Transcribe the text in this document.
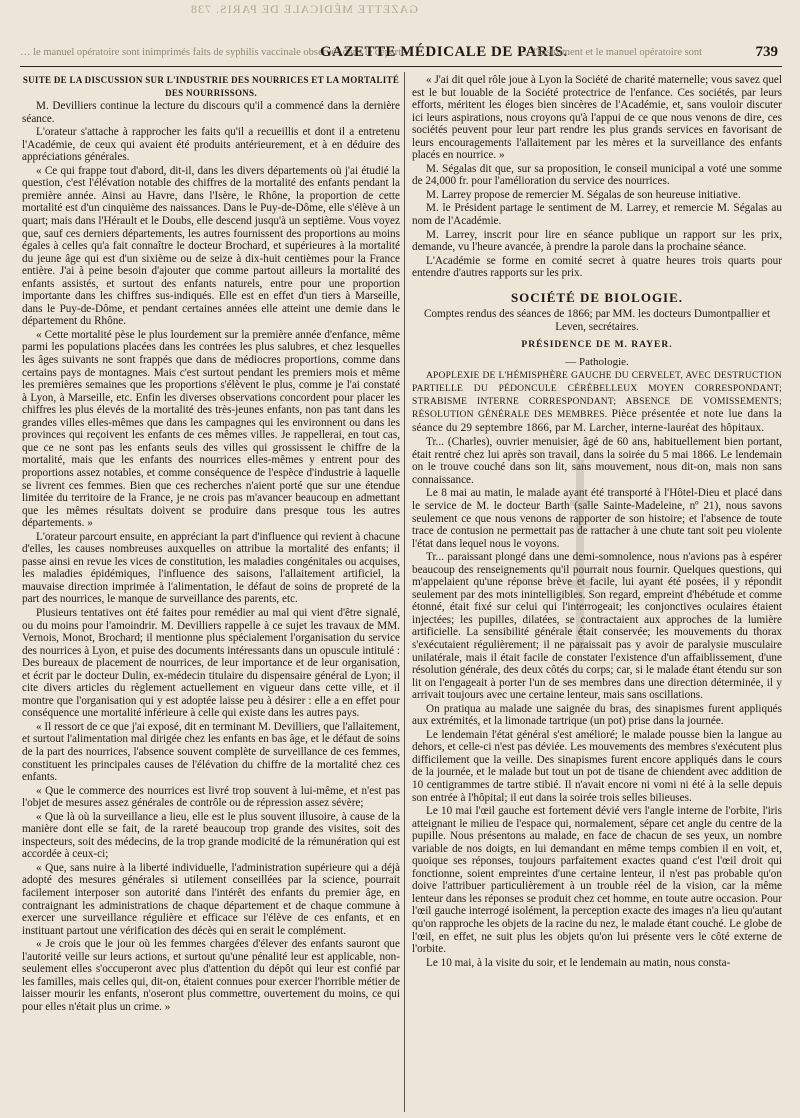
GAZETTE MÉDICALE DE PARIS. 738
… le manuel opératoire sont inimprimés faits de syphilis vaccinale observés dans le départe-
GAZETTE MÉDICALE DE PARIS.
… l'instrument et le manuel opératoire sont	739

SUITE DE LA DISCUSSION SUR L'INDUSTRIE DES NOURRICES ET LA MORTALITÉ DES NOURRISSONS.

M. Devilliers continue la lecture du discours qu'il a commencé dans la dernière séance.

L'orateur s'attache à rapprocher les faits qu'il a recueillis et dont il a entretenu l'Académie, de ceux qui avaient été produits antérieurement, et à en déduire des appréciations générales.

« Ce qui frappe tout d'abord, dit-il, dans les divers départements où j'ai étudié la question, c'est l'élévation notable des chiffres de la mortalité des enfants pendant la première année. Ainsi au Havre, dans l'Isère, le Rhône, la proportion de cette mortalité est d'un cinquième des naissances. Dans le Puy-de-Dôme, elle s'élève à un quart; mais dans l'Hérault et le Doubs, elle descend jusqu'à un septième. Vous voyez que, sauf ces derniers départements, les autres fournissent des proportions au moins égales à celles qu'a fait connaître le docteur Brochard, et supérieures à la mortalité du jeune âge qui est d'un sixième ou de seize à dix-huit centièmes pour la France entière. J'ai à peine besoin d'ajouter que comme partout ailleurs la mortalité des enfants assistés, et surtout des enfants naturels, entre pour une proportion importante dans les chiffres sus-indiqués. Elle est en effet d'un tiers à Marseille, dans le Puy-de-Dôme, et pendant certaines années elle atteint une demie dans le département du Rhône.

« Cette mortalité pèse le plus lourdement sur la première année d'enfance, même parmi les populations placées dans les contrées les plus salubres, et chez lesquelles les âges suivants ne sont frappés que dans de médiocres proportions, comme dans certains pays de montagnes. Mais c'est surtout pendant les premiers mois et même les premières semaines que les proportions s'élèvent le plus, comme je l'ai constaté à Lyon, à Marseille, etc. Enfin les diverses observations concordent pour placer les chiffres les plus élevés de la mortalité des très-jeunes enfants, non pas tant dans les grandes villes elles-mêmes que dans les campagnes qui les environnent ou dans les provinces qui reçoivent les enfants de ces mêmes villes. Je rappellerai, en tout cas, que ce ne sont pas les enfants seuls des villes qui grossissent le chiffre de la mortalité, mais que les enfants des nourrices elles-mêmes y entrent pour des proportions assez notables, et comme conséquence de l'espèce d'industrie à laquelle se livrent ces femmes. Bien que ces recherches n'aient porté que sur une étendue limitée du territoire de la France, je ne crois pas m'avancer beaucoup en admettant que les mêmes résultats doivent se produire dans presque tous les autres départements. »

L'orateur parcourt ensuite, en appréciant la part d'influence qui revient à chacune d'elles, les causes nombreuses auxquelles on attribue la mortalité des enfants; il passe ainsi en revue les vices de constitution, les maladies congénitales ou acquises, les maladies épidémiques, l'influence des saisons, l'allaitement artificiel, la mauvaise direction imprimée à l'alimentation, le défaut de soins de propreté de la part des nourrices, le manque de surveillance des parents, etc.

Plusieurs tentatives ont été faites pour remédier au mal qui vient d'être signalé, ou du moins pour l'amoindrir. M. Devilliers rappelle à ce sujet les travaux de MM. Vernois, Monot, Brochard; il mentionne plus spécialement l'organisation du service des nourrices à Lyon, et puise des documents intéressants dans un opuscule intitulé : Des bureaux de placement de nourrices, de leur importance et de leur organisation, et écrit par le docteur Dulin, ex-médecin titulaire du dispensaire général de Lyon; il cite divers articles du règlement actuellement en vigueur dans cette ville, et il montre que l'organisation qui y est adoptée laisse peu à désirer : elle a en effet pour conséquence une mortalité inférieure à celle qui existe dans les autres pays.

« Il ressort de ce que j'ai exposé, dit en terminant M. Devilliers, que l'allaitement, et surtout l'alimentation mal dirigée chez les enfants en bas âge, et le défaut de soins de la part des nourrices, l'absence souvent complète de surveillance de ces femmes, constituent les principales causes de l'élévation du chiffre de la mortalité chez ces enfants.

« Que le commerce des nourrices est livré trop souvent à lui-même, et n'est pas l'objet de mesures assez générales de contrôle ou de répression assez sévère;

« Que là où la surveillance a lieu, elle est le plus souvent illusoire, à cause de la manière dont elle se fait, de la rareté beaucoup trop grande des visites, soit des inspecteurs, soit des médecins, de la trop grande modicité de la rémunération qui est accordée à ceux-ci;

« Que, sans nuire à la liberté individuelle, l'administration supérieure qui a déjà adopté des mesures générales si utilement conseillées par la science, pourrait facilement interposer son autorité dans l'intérêt des enfants du premier âge, en contraignant les administrations de chaque département et de chaque commune à exercer une surveillance régulière et efficace sur l'élève de ces enfants, et en instituant partout une vérification des décès qui en serait le complément.

« Je crois que le jour où les femmes chargées d'élever des enfants sauront que l'autorité veille sur leurs actions, et surtout qu'une pénalité leur est applicable, non-seulement elles s'occuperont avec plus d'attention du dépôt qui leur est confié par les familles, mais celles qui, dit-on, étaient connues pour exercer l'horrible métier de laisser mourir les enfants, n'oseront plus commettre, ouvertement du moins, ce qui pour elles n'était plus un crime. »

« J'ai dit quel rôle joue à Lyon la Société de charité maternelle; vous savez quel est le but louable de la Société protectrice de l'enfance. Ces sociétés, par leurs efforts, méritent les éloges bien sincères de l'Académie, et, sans vouloir discuter ici leurs aspirations, nous croyons qu'à l'appui de ce que nous venons de dire, ces sociétés peuvent pour leur part rendre les plus grands services en favorisant de leurs encouragements l'allaitement par les mères et la surveillance des enfants placés en nourrice. »

M. Ségalas dit que, sur sa proposition, le conseil municipal a voté une somme de 24,000 fr. pour l'amélioration du service des nourrices.

M. Larrey propose de remercier M. Ségalas de son heureuse initiative.

M. le Président partage le sentiment de M. Larrey, et remercie M. Ségalas au nom de l'Académie.

M. Larrey, inscrit pour lire en séance publique un rapport sur les prix, demande, vu l'heure avancée, à prendre la parole dans la prochaine séance.

L'Académie se forme en comité secret à quatre heures trois quarts pour entendre d'autres rapports sur les prix.

SOCIÉTÉ DE BIOLOGIE.
Comptes rendus des séances de 1866; par MM. les docteurs Dumontpallier et Leven, secrétaires.
PRÉSIDENCE DE M. RAYER.
— Pathologie.

APOPLEXIE DE L'HÉMISPHÈRE GAUCHE DU CERVELET, AVEC DESTRUCTION PARTIELLE DU PÉDONCULE CÉRÉBELLEUX MOYEN CORRESPONDANT; STRABISME INTERNE CORRESPONDANT; ABSENCE DE VOMISSEMENTS; RÉSOLUTION GÉNÉRALE DES MEMBRES. Pièce présentée et note lue dans la séance du 29 septembre 1866, par M. Larcher, interne-lauréat des hôpitaux.

Tr... (Charles), ouvrier menuisier, âgé de 60 ans, habituellement bien portant, était rentré chez lui après son travail, dans la soirée du 5 mai 1866. Le lendemain on le trouve couché dans son lit, sans mouvement, nous dit-on, mais non sans connaissance.

Le 8 mai au matin, le malade ayant été transporté à l'Hôtel-Dieu et placé dans le service de M. le docteur Barth (salle Sainte-Madeleine, nº 21), nous savons seulement ce que nous venons de rapporter de son histoire; et l'absence de toute trace de contusion ne permettait pas de rattacher à une chute tant soit peu violente l'état dans lequel nous le voyons.

Tr... paraissant plongé dans une demi-somnolence, nous n'avions pas à espérer beaucoup des renseignements qu'il pourrait nous fournir. Quelques questions, qui m'appelaient qu'une réponse brève et facile, lui ayant été posées, il y répondit seulement par des mots inintelligibles. Son regard, empreint d'hébétude et comme étonné, était fixé sur celui qui l'interrogeait; les conjonctives oculaires étaient injectées; les pupilles, dilatées, se contractaient aux approches de la lumière artificielle. La sensibilité générale était conservée; les mouvements du thorax s'exécutaient régulièrement; il ne paraissait pas y avoir de paralysie musculaire unilatérale, mais il était facile de constater l'existence d'un affaiblissement, d'une résolution générale, des deux côtés du corps; car, si le malade étant étendu sur son lit on l'engageait à porter l'un de ses membres dans une direction déterminée, il y arrivait toujours avec une certaine lenteur, mais sans oscillations.

On pratiqua au malade une saignée du bras, des sinapismes furent appliqués aux extrémités, et la limonade tartrique (un pot) prise dans la journée.

Le lendemain l'état général s'est amélioré; le malade pousse bien la langue au dehors, et celle-ci n'est pas déviée. Les mouvements des membres s'exécutent plus difficilement que la veille. Des sinapismes furent encore appliqués dans le cours de la journée, et le malade but tout un pot de tisane de chiendent avec addition de 10 centigrammes de tartre stibié. Il n'avait encore ni vomi ni été à la selle depuis son entrée à l'hôpital; il eut dans la soirée trois selles bilieuses.

Le 10 mai l'œil gauche est fortement dévié vers l'angle interne de l'orbite, l'iris atteignant le milieu de l'espace qui, normalement, sépare cet angle du centre de la pupille. Nous présentons au malade, en face de chacun de ses yeux, un nombre variable de nos doigts, en lui demandant en même temps combien il en voit, et, quoique ses réponses, toujours parfaitement exactes quand c'est l'œil droit qui fonctionne, soient empreintes d'une certaine lenteur, il n'est pas probable qu'on doive l'attribuer particulièrement à un trouble réel de la vision, car la même lenteur dans les réponses se produit chez cet homme, en toute autre occasion. Pour l'œil gauche interrogé isolément, la perception exacte des images n'a lieu qu'autant qu'on rapproche les objets de la racine du nez, le malade étant couché. Le globe de l'œil, en effet, ne suit plus les objets qu'on lui présente vers le côté externe de l'orbite.

Le 10 mai, à la visite du soir, et le lendemain au matin, nous consta-
